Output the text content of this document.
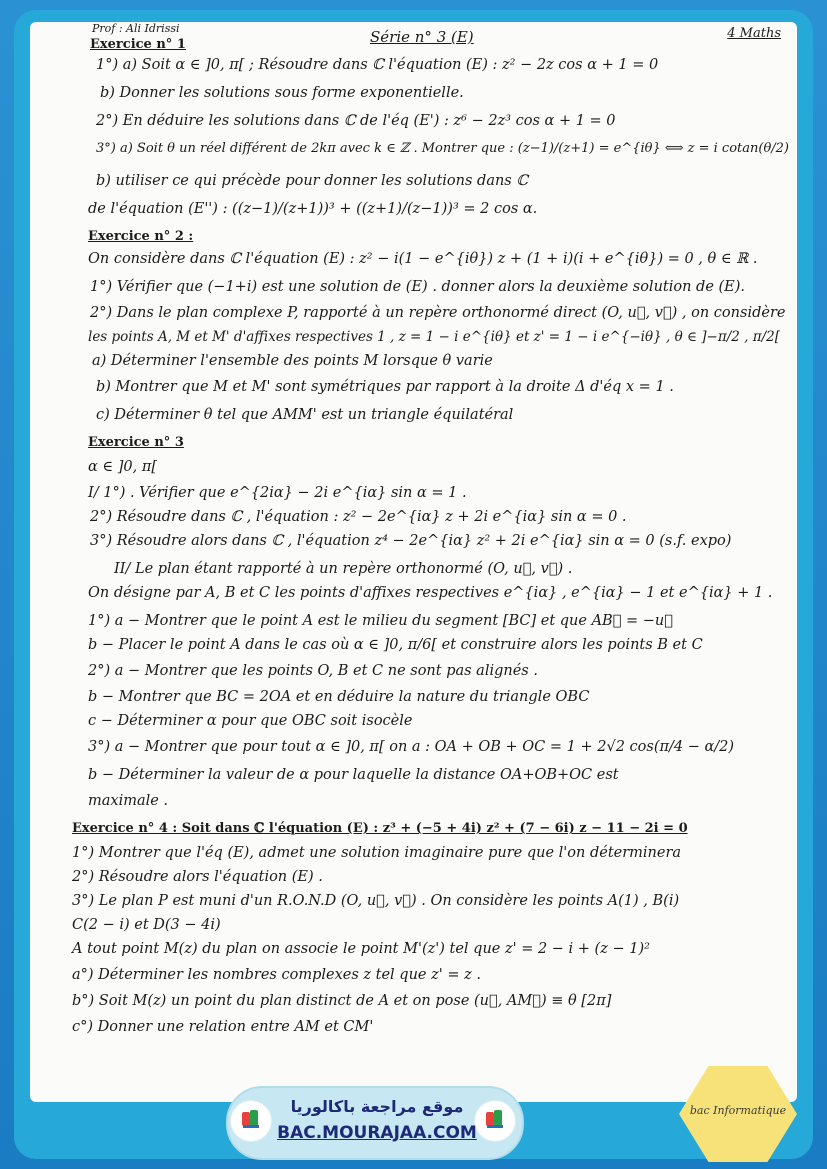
Prof : Ali Idrissi	Série n° 3 (E)	4 Maths
Exercice n° 1
1°) a) Soit α ∈ ]0, π[ ; Résoudre dans ℂ l'équation (E) : z² − 2z cos α + 1 = 0
b) Donner les solutions sous forme exponentielle.
2°) En déduire les solutions dans ℂ de l'éq (E') : z⁶ − 2z³ cos α + 1 = 0
3°) a) Soit θ un réel différent de 2kπ avec k ∈ ℤ . Montrer que : (z−1)/(z+1) = e^{iθ} ⟺ z = i cotan(θ/2)
b) utiliser ce qui précède pour donner les solutions dans ℂ
de l'équation (E'') : ((z−1)/(z+1))³ + ((z+1)/(z−1))³ = 2 cos α.
Exercice n° 2 :
On considère dans ℂ l'équation (E) : z² − i(1 − e^{iθ}) z + (1 + i)(i + e^{iθ}) = 0 , θ ∈ ℝ .
1°) Vérifier que (−1+i) est une solution de (E) . donner alors la deuxième solution de (E).
2°) Dans le plan complexe P, rapporté à un repère orthonormé direct (O, u⃗, v⃗) , on considère
les points A, M et M' d'affixes respectives 1 , z = 1 − i e^{iθ} et z' = 1 − i e^{−iθ} , θ ∈ ]−π/2 , π/2[
a) Déterminer l'ensemble des points M lorsque θ varie
b) Montrer que M et M' sont symétriques par rapport à la droite Δ d'éq x = 1 .
c) Déterminer θ tel que AMM' est un triangle équilatéral
Exercice n° 3
α ∈ ]0, π[
I/ 1°) . Vérifier que e^{2iα} − 2i e^{iα} sin α = 1 .
2°) Résoudre dans ℂ , l'équation : z² − 2e^{iα} z + 2i e^{iα} sin α = 0 .
3°) Résoudre alors dans ℂ , l'équation z⁴ − 2e^{iα} z² + 2i e^{iα} sin α = 0 (s.f. expo)
II/ Le plan étant rapporté à un repère orthonormé (O, u⃗, v⃗) .
On désigne par A, B et C les points d'affixes respectives e^{iα} , e^{iα} − 1 et e^{iα} + 1 .
1°) a − Montrer que le point A est le milieu du segment [BC] et que AB⃗ = −u⃗
b − Placer le point A dans le cas où α ∈ ]0, π/6[ et construire alors les points B et C
2°) a − Montrer que les points O, B et C ne sont pas alignés .
b − Montrer que BC = 2OA et en déduire la nature du triangle OBC
c − Déterminer α pour que OBC soit isocèle
3°) a − Montrer que pour tout α ∈ ]0, π[ on a : OA + OB + OC = 1 + 2√2 cos(π/4 − α/2)
b − Déterminer la valeur de α pour laquelle la distance OA+OB+OC est
maximale .
Exercice n° 4 : Soit dans ℂ l'équation (E) : z³ + (−5 + 4i) z² + (7 − 6i) z − 11 − 2i = 0
1°) Montrer que l'éq (E), admet une solution imaginaire pure que l'on déterminera
2°) Résoudre alors l'équation (E) .
3°) Le plan P est muni d'un R.O.N.D (O, u⃗, v⃗) . On considère les points A(1) , B(i)
C(2 − i) et D(3 − 4i)
A tout point M(z) du plan on associe le point M'(z') tel que z' = 2 − i + (z − 1)²
a°) Déterminer les nombres complexes z tel que z' = z .
b°) Soit M(z) un point du plan distinct de A et on pose (u⃗, AM⃗) ≡ θ [2π]
c°) Donner une relation entre AM et CM'
موقع مراجعة باكالوريا
BAC.MOURAJAA.COM
bac Informatique
